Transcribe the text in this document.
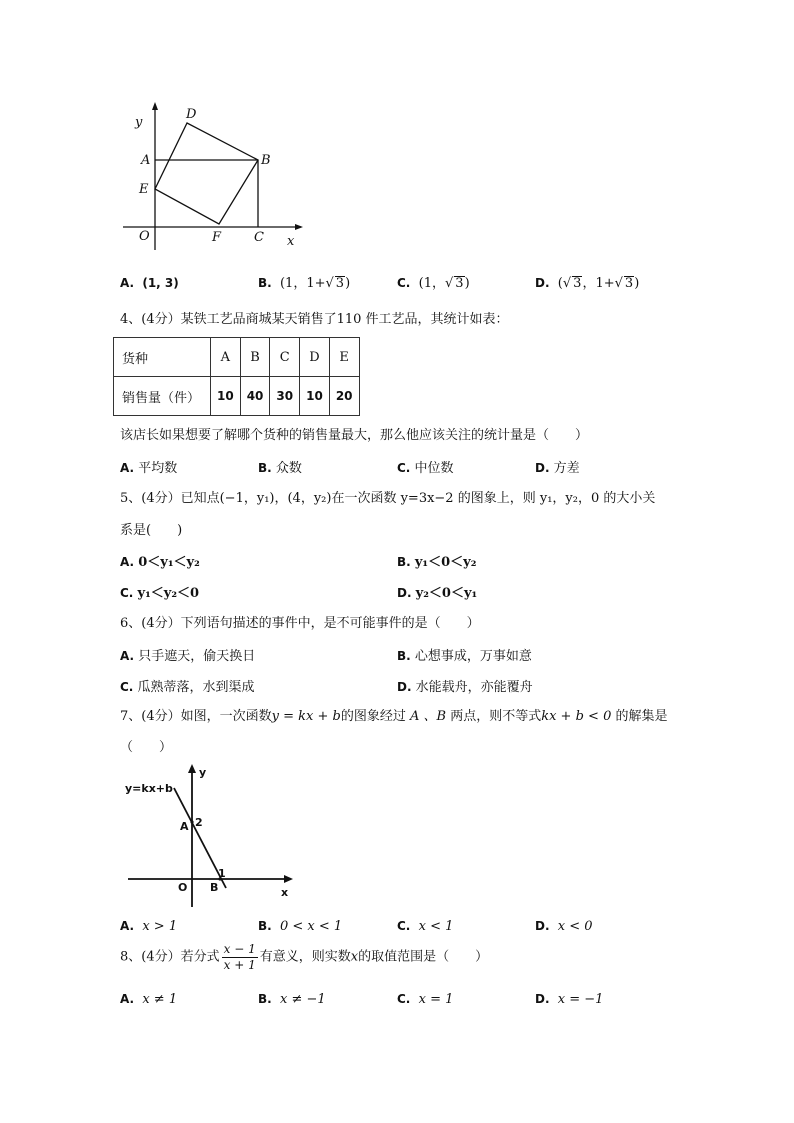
y
x
O
A	B
C
D
E
F
A. (1, 3)	B. (1，1+√ 3)	C. (1，√ 3)	D. (√ 3，1+√ 3)
4、(4分）某铁工艺品商城某天销售了110 件工艺品，其统计如表：
货种	A	B	C	D	E
销售量（件）	10	40	30	10	20
该店长如果想要了解哪个货种的销售量最大，那么他应该关注的统计量是（　　）
A. 平均数	B. 众数	C. 中位数	D. 方差
5、(4分）已知点(−1，y₁)，(4，y₂)在一次函数 y=3x−2 的图象上，则 y₁，y₂，0 的大小关
系是(　　)
A. 0＜y₁＜y₂	B. y₁＜0＜y₂
C. y₁＜y₂＜0	D. y₂＜0＜y₁
6、(4分）下列语句描述的事件中，是不可能事件的是（　　）
A. 只手遮天，偷天换日	B. 心想事成，万事如意
C. 瓜熟蒂落，水到渠成	D. 水能载舟，亦能覆舟
7、(4分）如图，一次函数y = kx + b的图象经过 A 、B 两点，则不等式kx + b < 0 的解集是
（　　）
y=kx+b
y
x
A 2
O B
1
A. x > 1	B. 0 < x < 1	C. x < 1	D. x < 0
8、(4分）若分式 $\frac{x - 1}{x + 1}$ 有意义，则实数x的取值范围是（　　）
A. x ≠ 1	B. x ≠ −1	C. x = 1	D. x = −1
